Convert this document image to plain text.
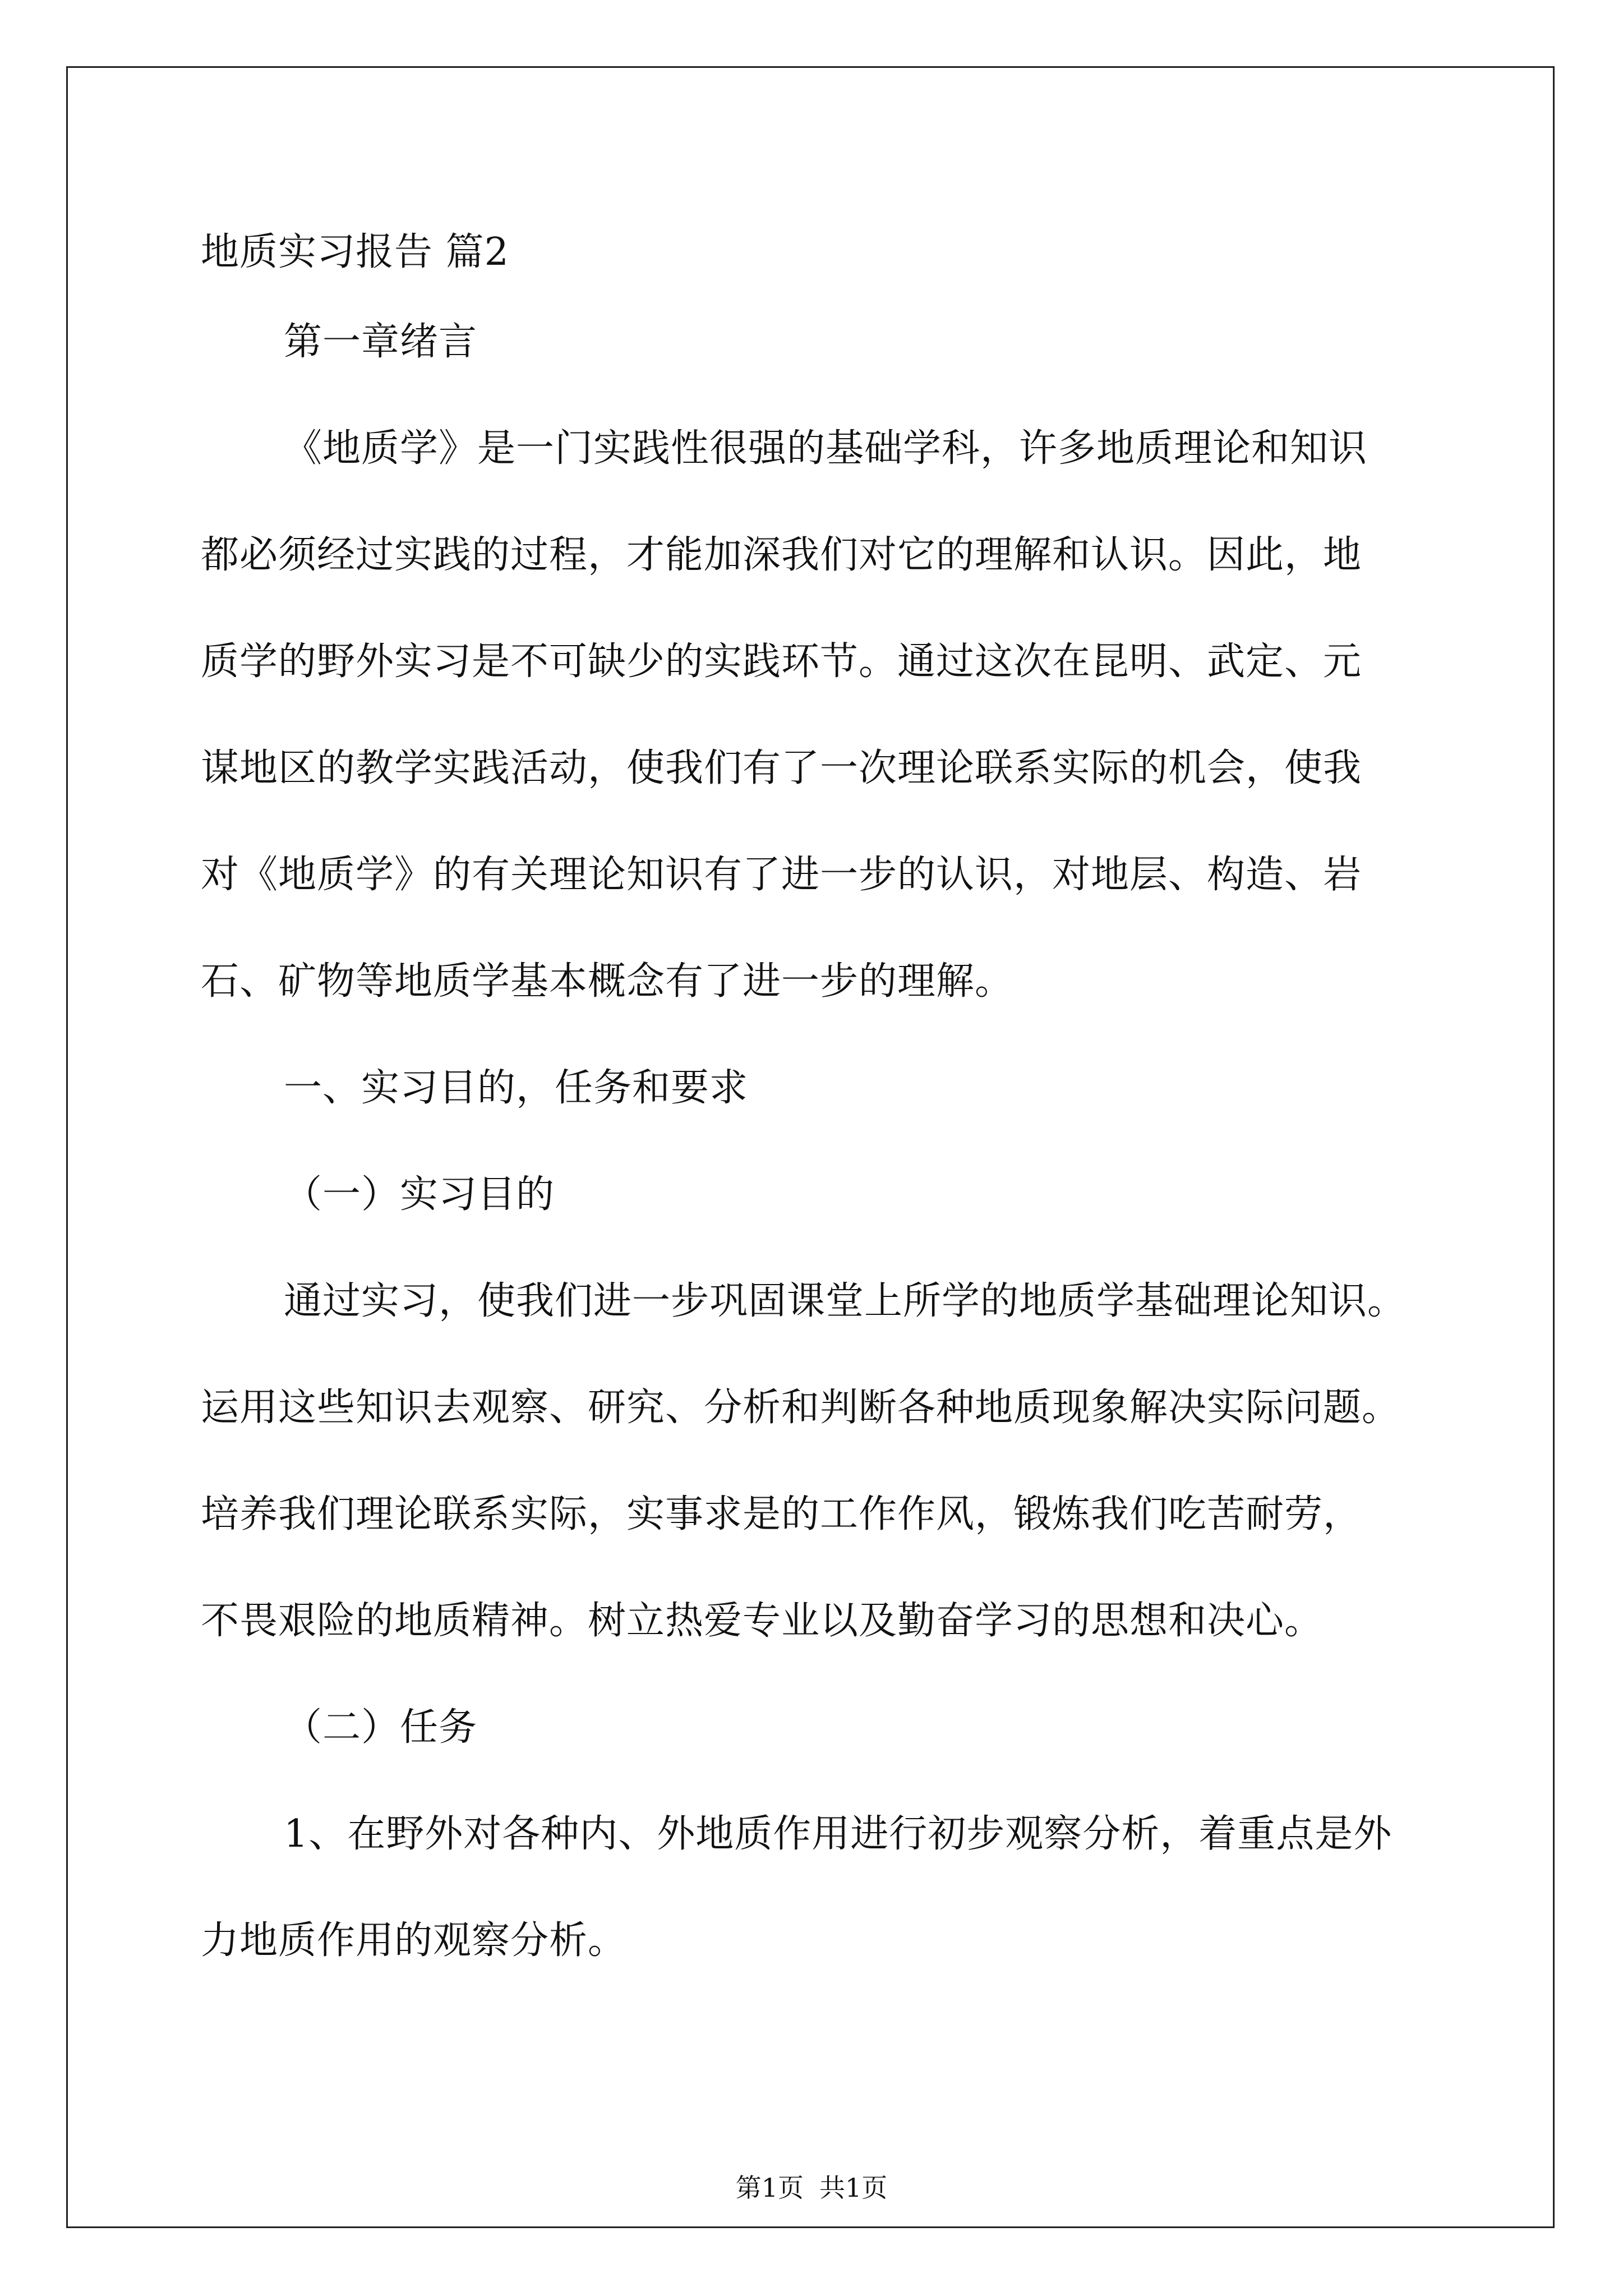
地质实习报告 篇2

第一章绪言

《地质学》是一门实践性很强的基础学科，许多地质理论和知识

都必须经过实践的过程，才能加深我们对它的理解和认识。因此，地

质学的野外实习是不可缺少的实践环节。通过这次在昆明、武定、元

谋地区的教学实践活动，使我们有了一次理论联系实际的机会，使我

对《地质学》的有关理论知识有了进一步的认识，对地层、构造、岩

石、矿物等地质学基本概念有了进一步的理解。

一、实习目的，任务和要求

（一）实习目的

通过实习，使我们进一步巩固课堂上所学的地质学基础理论知识。

运用这些知识去观察、研究、分析和判断各种地质现象解决实际问题。

培养我们理论联系实际，实事求是的工作作风，锻炼我们吃苦耐劳，

不畏艰险的地质精神。树立热爱专业以及勤奋学习的思想和决心。

（二）任务

1、在野外对各种内、外地质作用进行初步观察分析，着重点是外

力地质作用的观察分析。

第1页 共1页
